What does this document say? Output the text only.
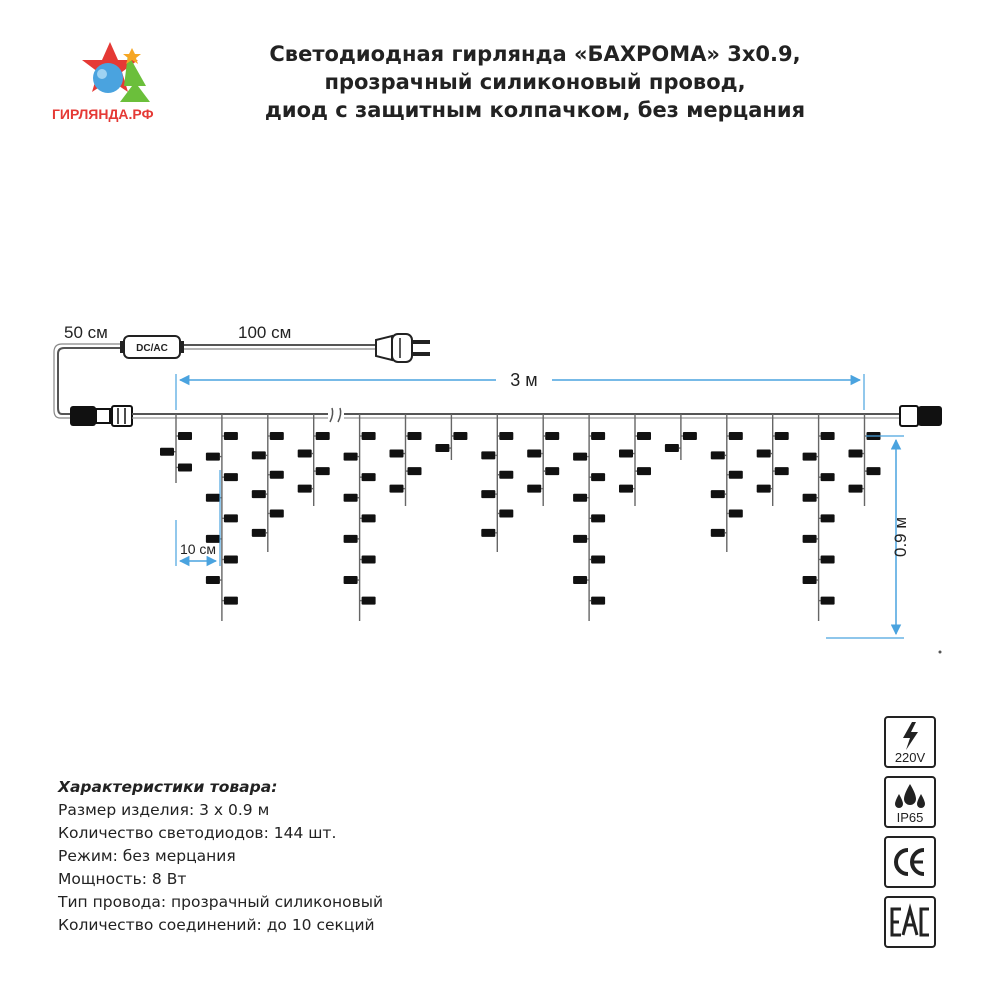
ГИРЛЯНДА.РФ
Светодиодная гирлянда «БАХРОМА» 3x0.9,
прозрачный силиконовый провод,
диод с защитным колпачком, без мерцания
DC/AC
50 см	100 см
3 м
0.9 м
10 см
Характеристики товара:
Размер изделия: 3 x 0.9 м
Количество светодиодов: 144 шт.
Режим: без мерцания
Мощность: 8 Вт
Тип провода: прозрачный силиконовый
Количество соединений: до 10 секций
220V
IP65
